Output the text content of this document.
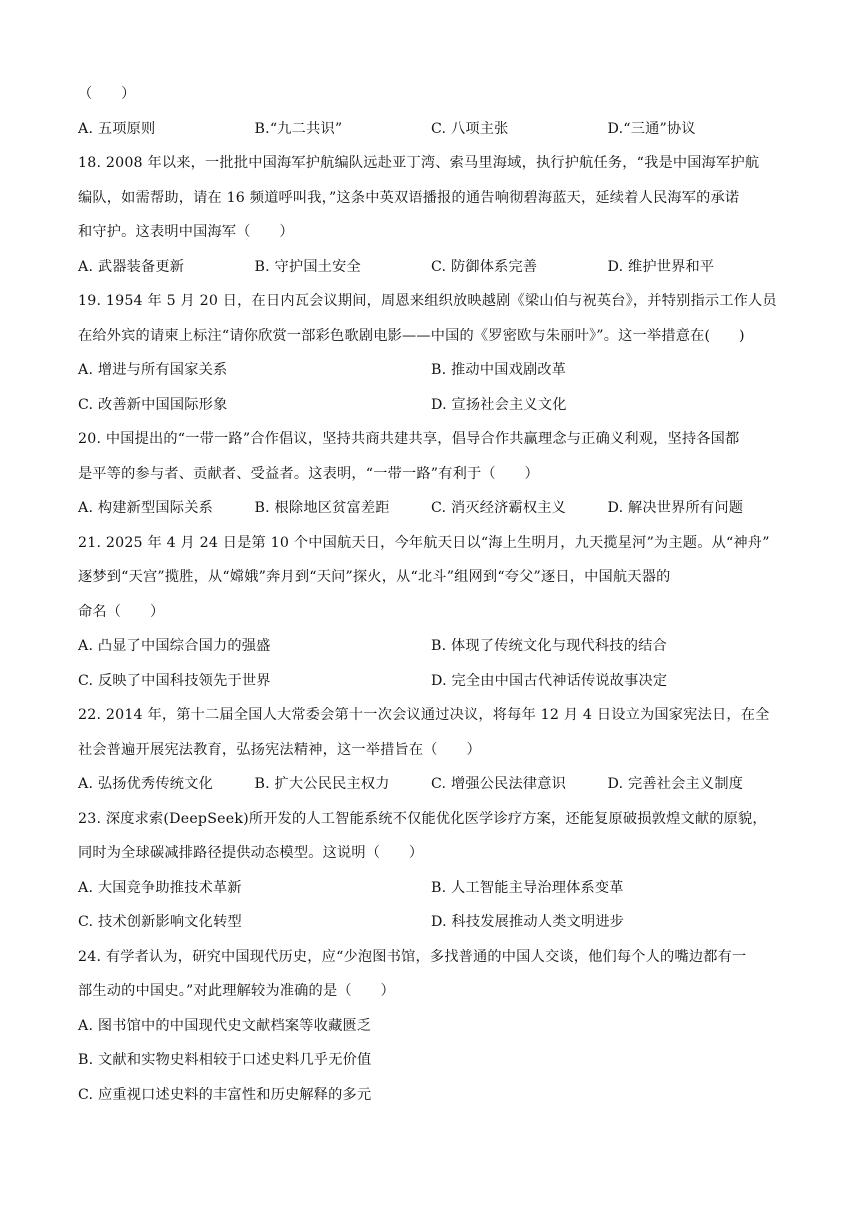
（　　）
A. 五项原则	B.“九二共识”	C. 八项主张	D.“三通”协议
18. 2008 年以来，一批批中国海军护航编队远赴亚丁湾、索马里海域，执行护航任务，“我是中国海军护航
编队，如需帮助，请在 16 频道呼叫我，”这条中英双语播报的通告响彻碧海蓝天，延续着人民海军的承诺
和守护。这表明中国海军（　　）
A. 武器装备更新	B. 守护国土安全	C. 防御体系完善	D. 维护世界和平
19. 1954 年 5 月 20 日，在日内瓦会议期间，周恩来组织放映越剧《梁山伯与祝英台》，并特别指示工作人员
在给外宾的请柬上标注“请你欣赏一部彩色歌剧电影——中国的《罗密欧与朱丽叶》”。这一举措意在(　　)
A. 增进与所有国家关系	B. 推动中国戏剧改革
C. 改善新中国国际形象	D. 宣扬社会主义文化
20. 中国提出的“一带一路”合作倡议，坚持共商共建共享，倡导合作共赢理念与正确义利观，坚持各国都
是平等的参与者、贡献者、受益者。这表明，“一带一路”有利于（　　）
A. 构建新型国际关系	B. 根除地区贫富差距	C. 消灭经济霸权主义	D. 解决世界所有问题
21. 2025 年 4 月 24 日是第 10 个中国航天日，今年航天日以“海上生明月，九天揽星河”为主题。从“神舟”
逐梦到“天宫”揽胜，从“嫦娥”奔月到“天问”探火，从“北斗”组网到“夸父”逐日，中国航天器的
命名（　　）
A. 凸显了中国综合国力的强盛	B. 体现了传统文化与现代科技的结合
C. 反映了中国科技领先于世界	D. 完全由中国古代神话传说故事决定
22. 2014 年，第十二届全国人大常委会第十一次会议通过决议，将每年 12 月 4 日设立为国家宪法日，在全
社会普遍开展宪法教育，弘扬宪法精神，这一举措旨在（　　）
A. 弘扬优秀传统文化	B. 扩大公民民主权力	C. 增强公民法律意识	D. 完善社会主义制度
23. 深度求索(DeepSeek)所开发的人工智能系统不仅能优化医学诊疗方案，还能复原破损敦煌文献的原貌，
同时为全球碳减排路径提供动态模型。这说明（　　）
A. 大国竞争助推技术革新	B. 人工智能主导治理体系变革
C. 技术创新影响文化转型	D. 科技发展推动人类文明进步
24. 有学者认为，研究中国现代历史，应“少泡图书馆，多找普通的中国人交谈，他们每个人的嘴边都有一
部生动的中国史。”对此理解较为准确的是（　　）
A. 图书馆中的中国现代史文献档案等收藏匮乏
B. 文献和实物史料相较于口述史料几乎无价值
C. 应重视口述史料的丰富性和历史解释的多元
